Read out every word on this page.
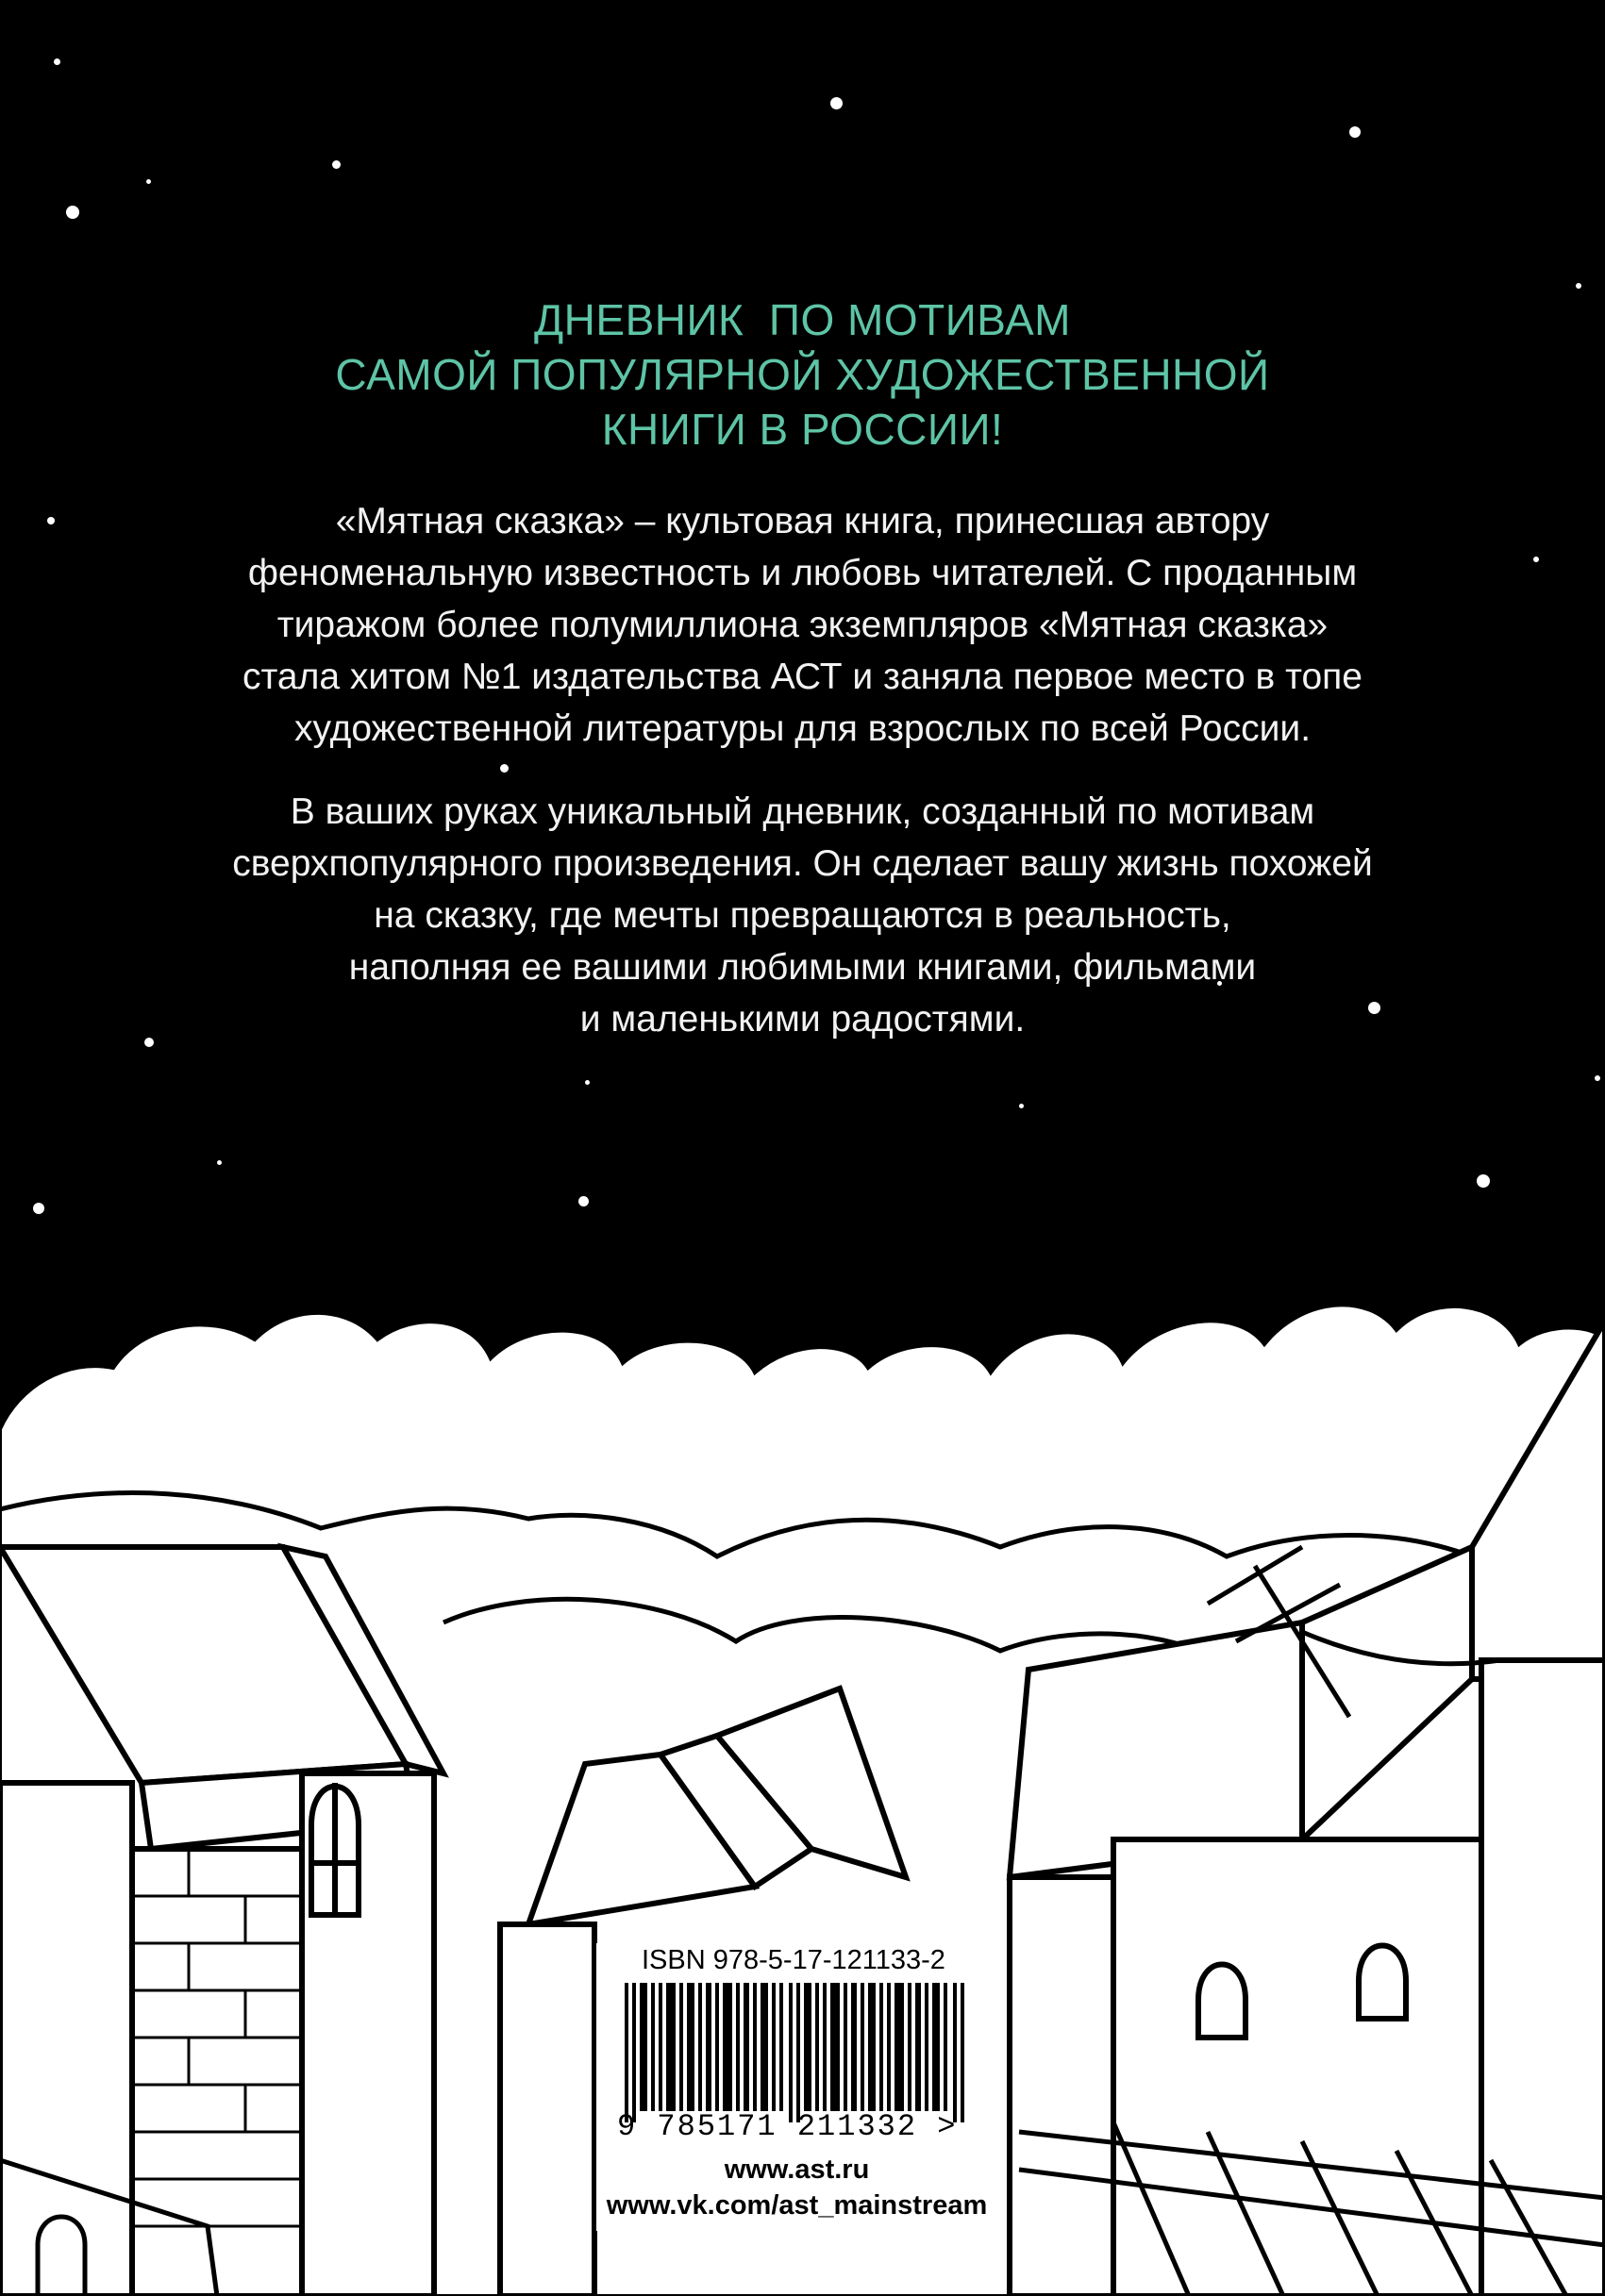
ДНЕВНИК  ПО МОТИВАМ
САМОЙ ПОПУЛЯРНОЙ ХУДОЖЕСТВЕННОЙ
КНИГИ В РОССИИ!
«Мятная сказка» – культовая книга, принесшая автору
феноменальную известность и любовь читателей. С проданным
тиражом более полумиллиона экземпляров «Мятная сказка»
стала хитом №1 издательства АСТ и заняла первое место в топе
художественной литературы для взрослых по всей России.
В ваших руках уникальный дневник, созданный по мотивам
сверхпопулярного произведения. Он сделает вашу жизнь похожей
на сказку, где мечты превращаются в реальность,
наполняя ее вашими любимыми книгами, фильмами
и маленькими радостями.
ISBN 978-5-17-121133-2
9 785171 211332 >
www.ast.ru
www.vk.com/ast_mainstream
